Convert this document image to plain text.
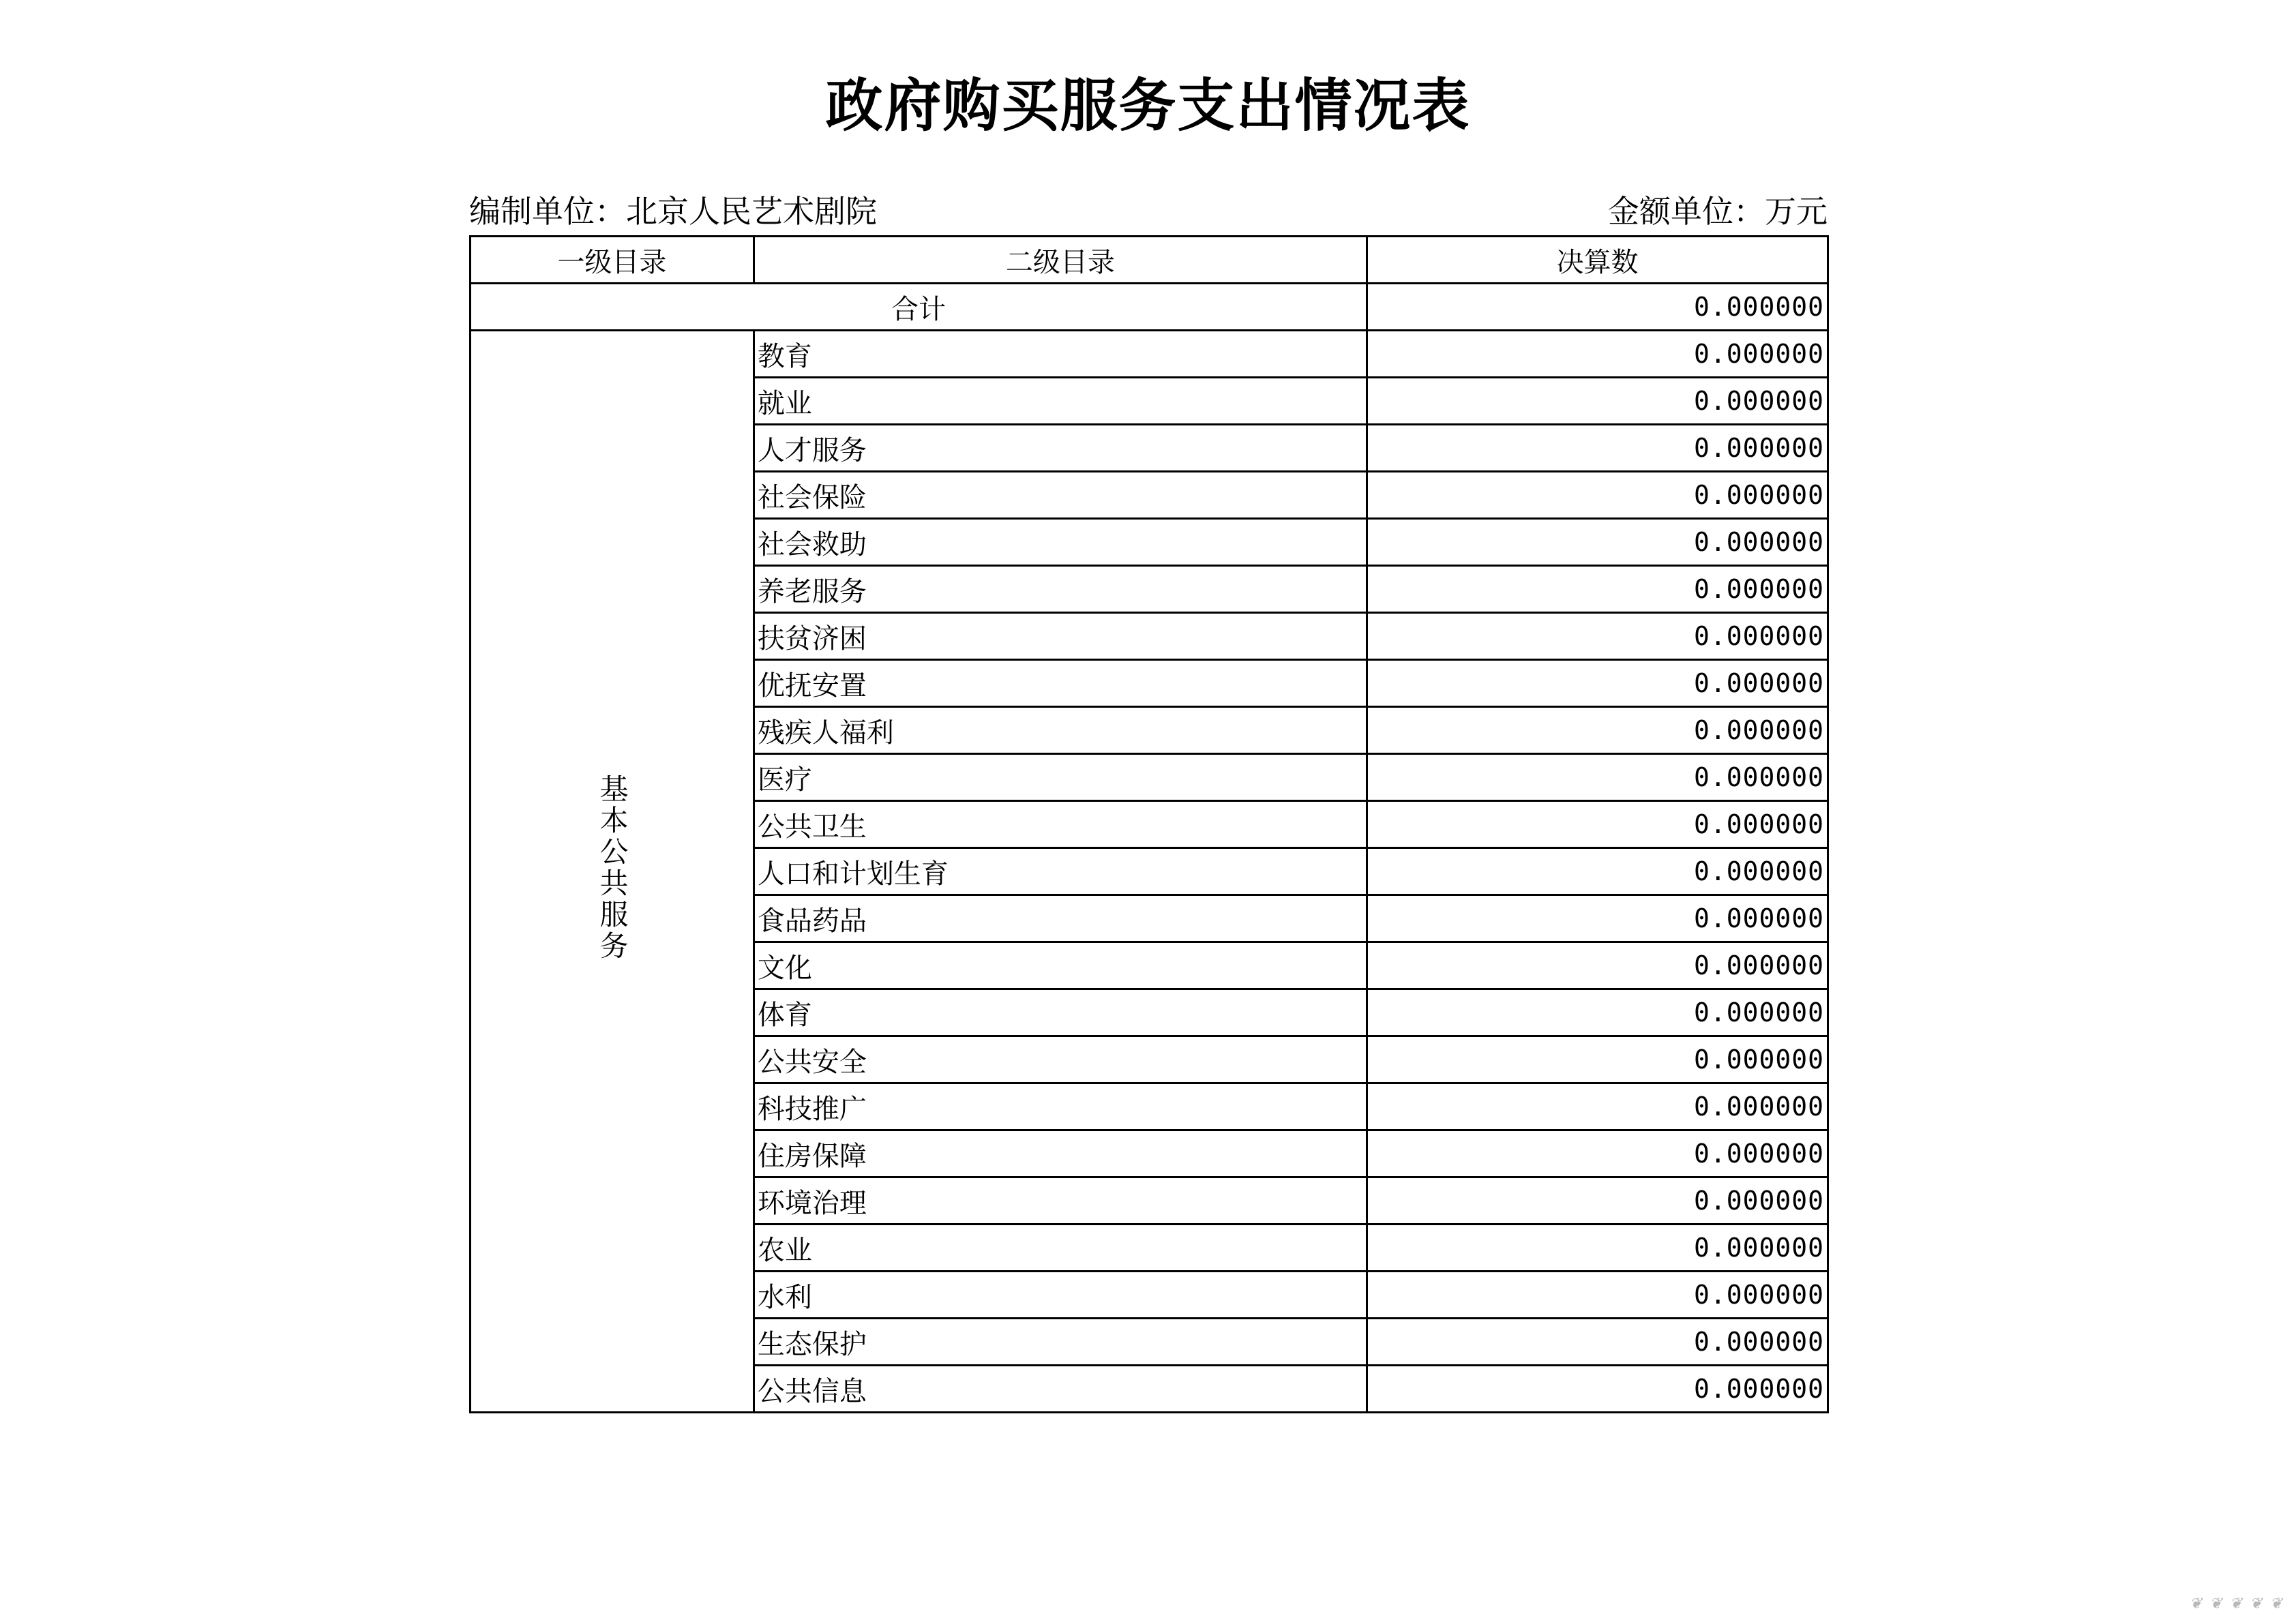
政府购买服务支出情况表
编制单位：北京人民艺术剧院	金额单位：万元
一级目录	二级目录	决算数
合计		0.000000
基本公共服务	教育	0.000000
	就业	0.000000
	人才服务	0.000000
	社会保险	0.000000
	社会救助	0.000000
	养老服务	0.000000
	扶贫济困	0.000000
	优抚安置	0.000000
	残疾人福利	0.000000
	医疗	0.000000
	公共卫生	0.000000
	人口和计划生育	0.000000
	食品药品	0.000000
	文化	0.000000
	体育	0.000000
	公共安全	0.000000
	科技推广	0.000000
	住房保障	0.000000
	环境治理	0.000000
	农业	0.000000
	水利	0.000000
	生态保护	0.000000
	公共信息	0.000000
❦ ❦ ❦ ❦ ❦
